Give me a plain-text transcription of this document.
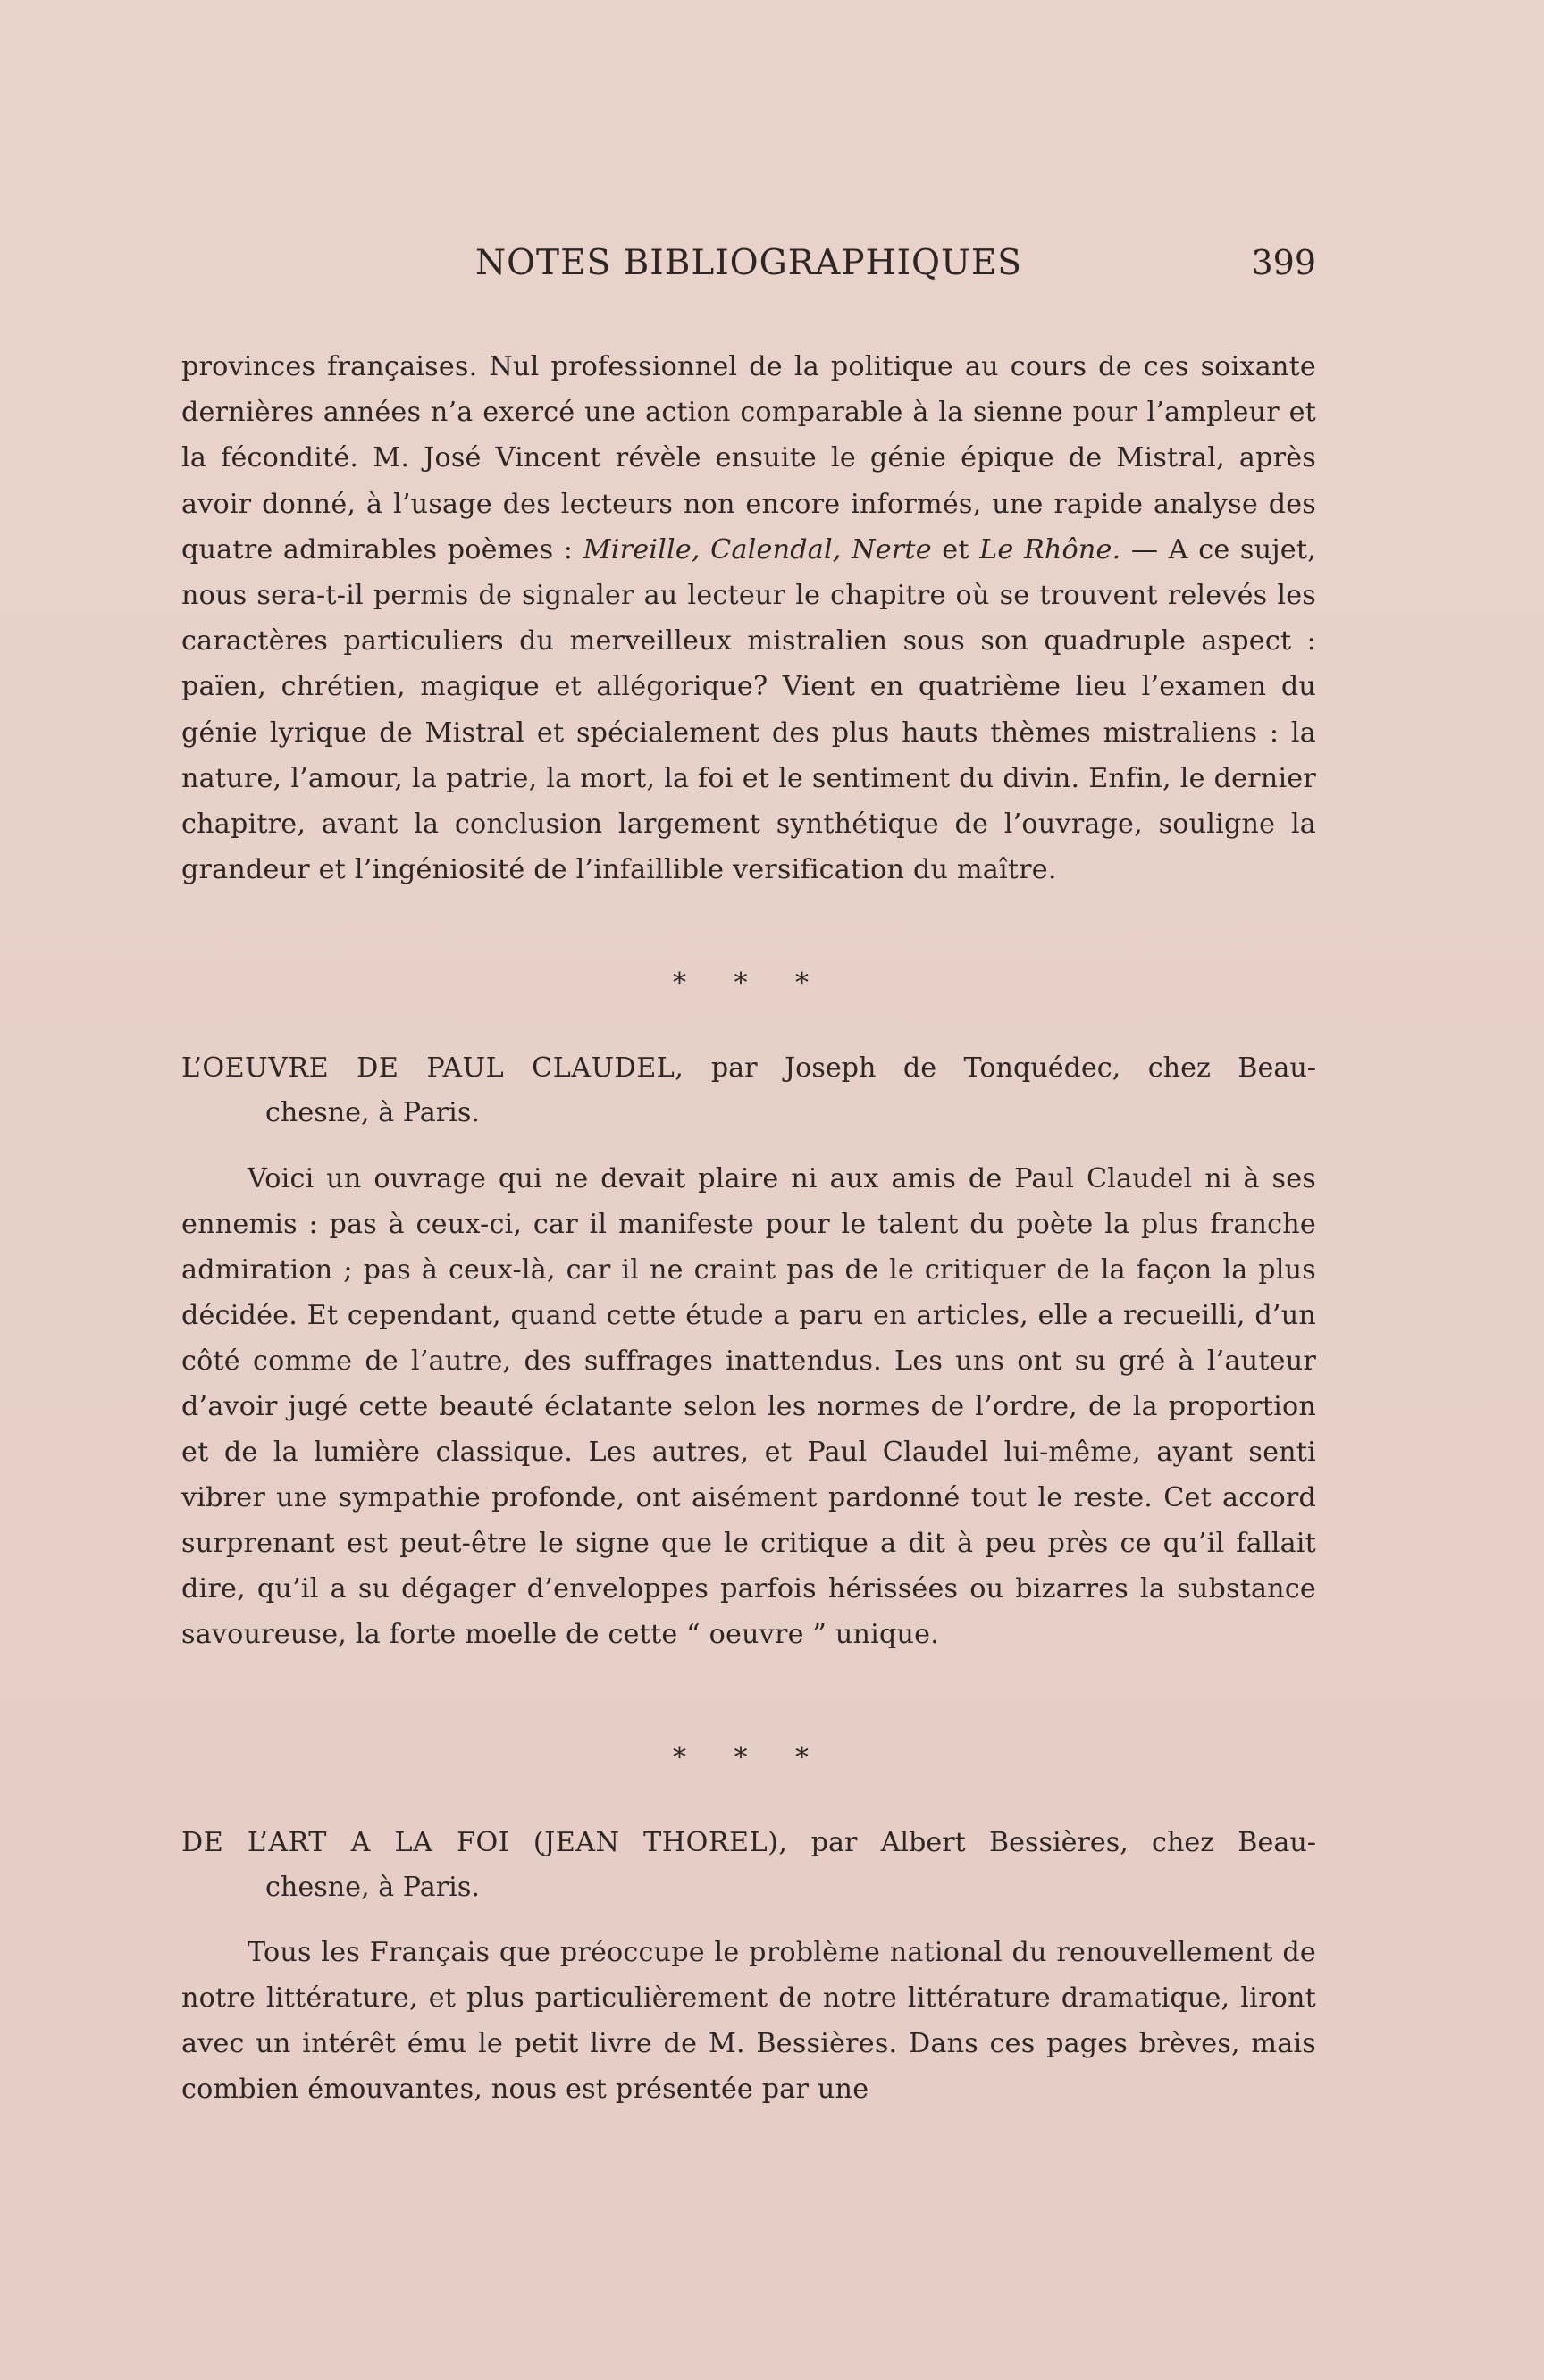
NOTES BIBLIOGRAPHIQUES	399
provinces françaises. Nul professionnel de la politique au cours de ces soixante dernières années n’a exercé une action comparable à la sienne pour l’ampleur et la fécondité. M. José Vincent révèle ensuite le génie épique de Mistral, après avoir donné, à l’usage des lecteurs non encore informés, une rapide analyse des quatre admirables poèmes : Mireille, Calendal, Nerte et Le Rhône. — A ce sujet, nous sera-t-il permis de signaler au lecteur le chapitre où se trouvent relevés les caractères particuliers du merveilleux mistralien sous son quadruple aspect : païen, chrétien, magique et allégorique? Vient en quatrième lieu l’examen du génie lyrique de Mistral et spécialement des plus hauts thèmes mistraliens : la nature, l’amour, la patrie, la mort, la foi et le sentiment du divin. Enfin, le dernier chapitre, avant la conclusion largement synthétique de l’ouvrage, souligne la grandeur et l’ingéniosité de l’infaillible versification du maître.
* * *
L’OEUVRE DE PAUL CLAUDEL, par Joseph de Tonquédec, chez Beau-
chesne, à Paris.
Voici un ouvrage qui ne devait plaire ni aux amis de Paul Claudel ni à ses ennemis : pas à ceux-ci, car il manifeste pour le talent du poète la plus franche admiration ; pas à ceux-là, car il ne craint pas de le critiquer de la façon la plus décidée. Et cependant, quand cette étude a paru en articles, elle a recueilli, d’un côté comme de l’autre, des suffrages inattendus. Les uns ont su gré à l’auteur d’avoir jugé cette beauté éclatante selon les normes de l’ordre, de la proportion et de la lumière classique. Les autres, et Paul Claudel lui-même, ayant senti vibrer une sympathie profonde, ont aisément pardonné tout le reste. Cet accord surprenant est peut-être le signe que le critique a dit à peu près ce qu’il fallait dire, qu’il a su dégager d’enveloppes parfois hérissées ou bizarres la substance savoureuse, la forte moelle de cette “ oeuvre ” unique.
* * *
DE L’ART A LA FOI (JEAN THOREL), par Albert Bessières, chez Beau-
chesne, à Paris.
Tous les Français que préoccupe le problème national du renouvellement de notre littérature, et plus particulièrement de notre littérature dramatique, liront avec un intérêt ému le petit livre de M. Bessières. Dans ces pages brèves, mais combien émouvantes, nous est présentée par une
